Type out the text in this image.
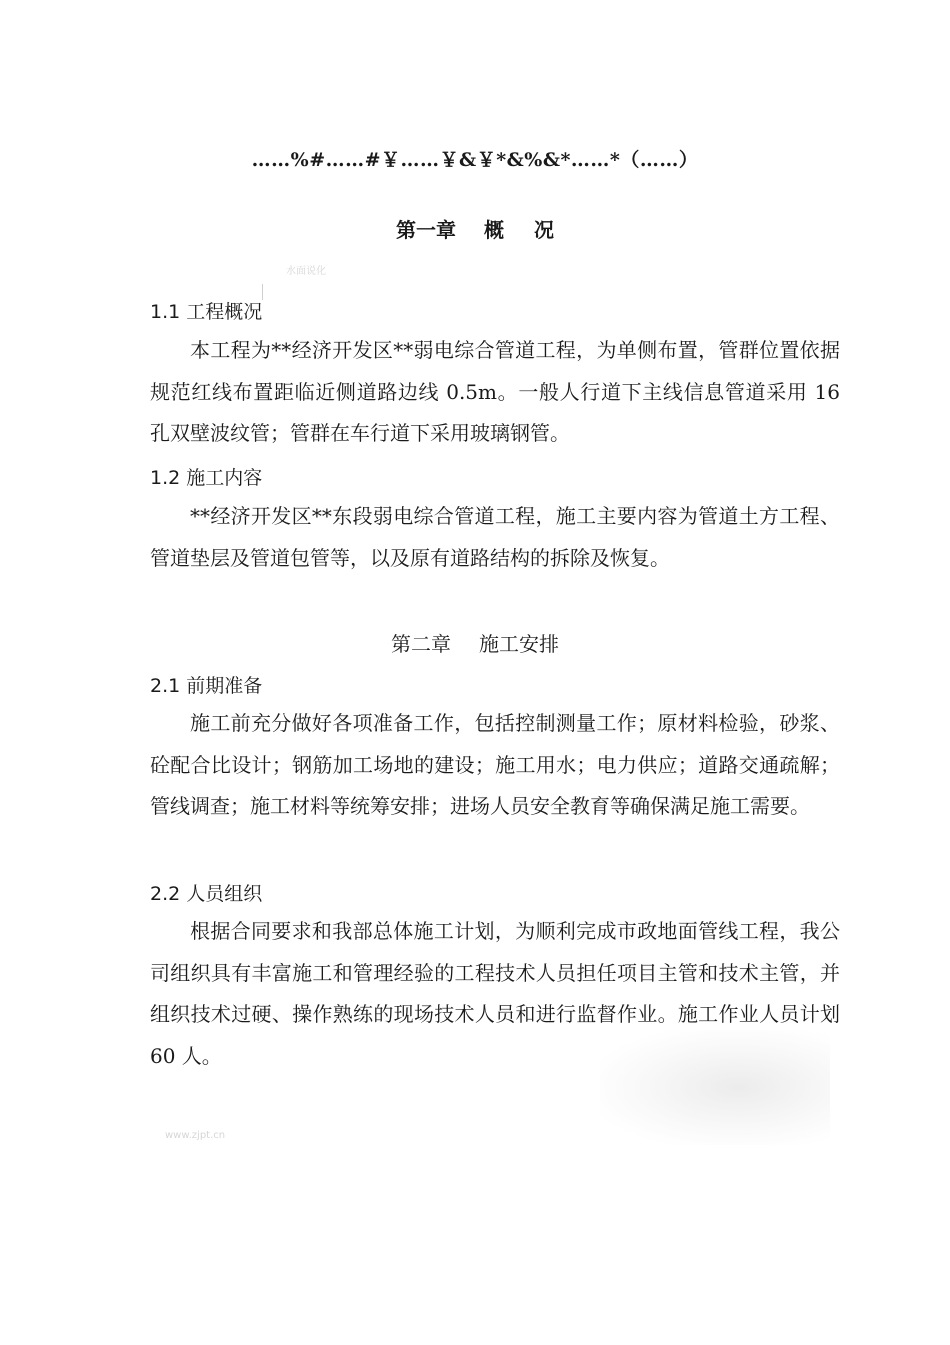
……%#……#￥……￥&￥*&%&*……*（……）
第一章 概 况
水面说化
1.1 工程概况
本工程为**经济开发区**弱电综合管道工程，为单侧布置，管群位置依据规范红线布置距临近侧道路边线 0.5m。一般人行道下主线信息管道采用 16 孔双壁波纹管；管群在车行道下采用玻璃钢管。
1.2 施工内容
**经济开发区**东段弱电综合管道工程，施工主要内容为管道土方工程、管道垫层及管道包管等，以及原有道路结构的拆除及恢复。
第二章 施工安排
2.1 前期准备
施工前充分做好各项准备工作，包括控制测量工作；原材料检验，砂浆、砼配合比设计；钢筋加工场地的建设；施工用水；电力供应；道路交通疏解；管线调查；施工材料等统筹安排；进场人员安全教育等确保满足施工需要。
2.2 人员组织
根据合同要求和我部总体施工计划，为顺利完成市政地面管线工程，我公司组织具有丰富施工和管理经验的工程技术人员担任项目主管和技术主管，并组织技术过硬、操作熟练的现场技术人员和进行监督作业。施工作业人员计划 60 人。
www.zjpt.cn
